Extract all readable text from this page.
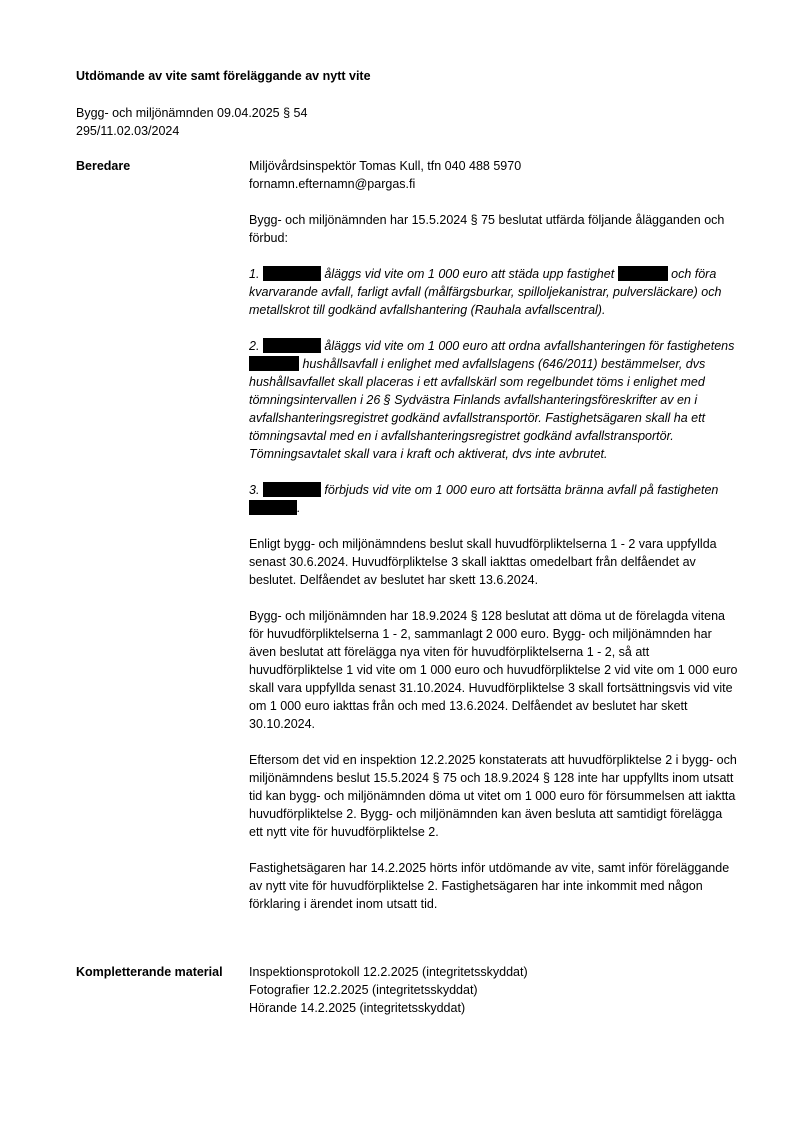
Utdömande av vite samt föreläggande av nytt vite
Bygg- och miljönämnden 09.04.2025 § 54
295/11.02.03/2024
Beredare	Miljövårdsinspektör Tomas Kull, tfn 040 488 5970

fornamn.efternamn@pargas.fi

Bygg- och miljönämnden har 15.5.2024 § 75 beslutat utfärda följande ålägganden och förbud:

1.	åläggs vid vite om 1 000 euro att städa upp fastighet	och föra kvarvarande avfall, farligt avfall (målfärgsburkar, spilloljekanistrar, pulversläckare) och metallskrot till godkänd avfallshantering (Rauhala avfallscentral).

2.	åläggs vid vite om 1 000 euro att ordna avfallshanteringen för fastighetens  hushållsavfall i enlighet med avfallslagens (646/2011) bestämmelser, dvs hushållsavfallet skall placeras i ett avfallskärl som regelbundet töms i enlighet med tömningsintervallen i 26 § Sydvästra Finlands avfallshanteringsföreskrifter av en i avfallshanteringsregistret godkänd avfallstransportör. Fastighetsägaren skall ha ett tömningsavtal med en i avfallshanteringsregistret godkänd avfallstransportör. Tömningsavtalet skall vara i kraft och aktiverat, dvs inte avbrutet.

3.	förbjuds vid vite om 1 000 euro att fortsätta bränna avfall på fastigheten .

Enligt bygg- och miljönämndens beslut skall huvudförpliktelserna 1 - 2 vara uppfyllda senast 30.6.2024. Huvudförpliktelse 3 skall iakttas omedelbart från delfåendet av beslutet. Delfåendet av beslutet har skett 13.6.2024.

Bygg- och miljönämnden har 18.9.2024 § 128 beslutat att döma ut de förelagda vitena för huvudförpliktelserna 1 - 2, sammanlagt 2 000 euro. Bygg- och miljönämnden har även beslutat att förelägga nya viten för huvudförpliktelserna 1 - 2, så att huvudförpliktelse 1 vid vite om 1 000 euro och huvudförpliktelse 2 vid vite om 1 000 euro skall vara uppfyllda senast 31.10.2024. Huvudförpliktelse 3 skall fortsättningsvis vid vite om 1 000 euro iakttas från och med 13.6.2024. Delfåendet av beslutet har skett 30.10.2024.

Eftersom det vid en inspektion 12.2.2025 konstaterats att huvudförpliktelse 2 i bygg- och miljönämndens beslut 15.5.2024 § 75 och 18.9.2024 § 128 inte har uppfyllts inom utsatt tid kan bygg- och miljönämnden döma ut vitet om 1 000 euro för försummelsen att iaktta huvudförpliktelse 2. Bygg- och miljönämnden kan även besluta att samtidigt förelägga ett nytt vite för huvudförpliktelse 2.

Fastighetsägaren har 14.2.2025 hörts inför utdömande av vite, samt inför föreläggande av nytt vite för huvudförpliktelse 2. Fastighetsägaren har inte inkommit med någon förklaring i ärendet inom utsatt tid.

Kompletterande material Inspektionsprotokoll 12.2.2025 (integritetsskyddat)
Fotografier 12.2.2025 (integritetsskyddat)
Hörande 14.2.2025 (integritetsskyddat)
